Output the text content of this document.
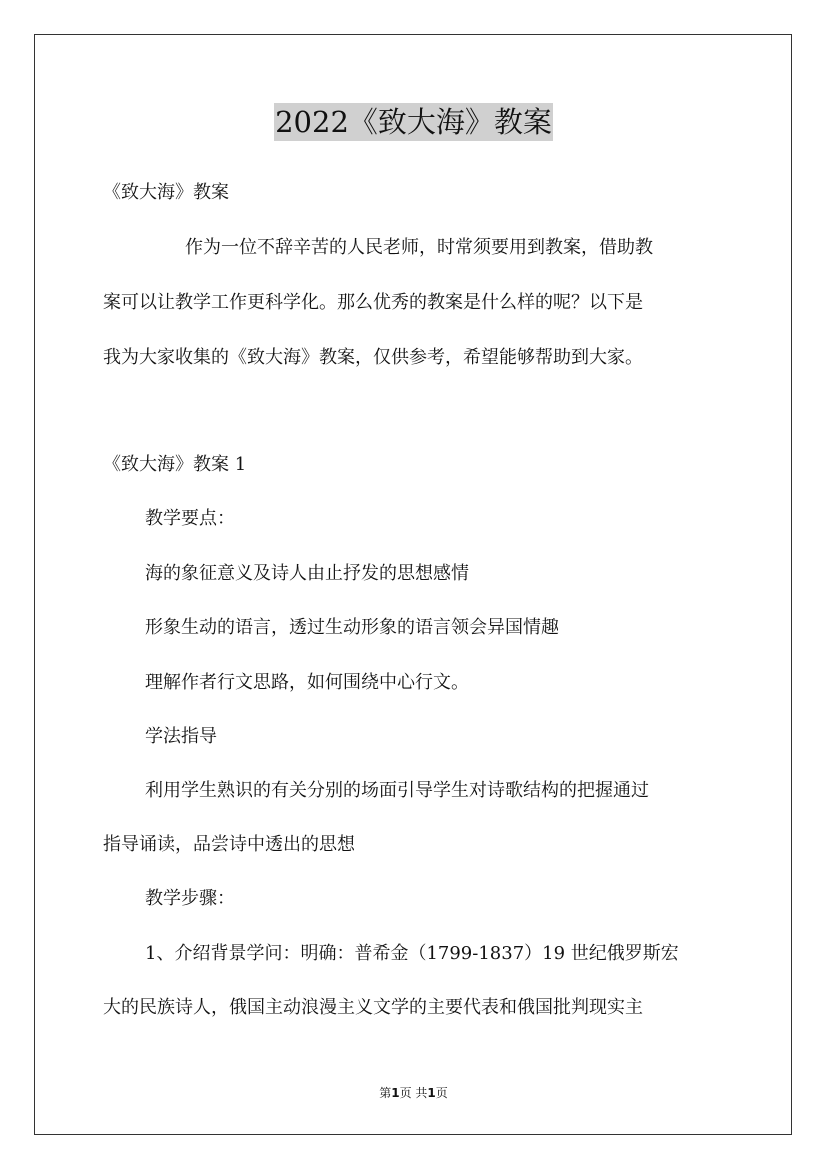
2022《致大海》教案
《致大海》教案
作为一位不辞辛苦的人民老师，时常须要用到教案，借助教
案可以让教学工作更科学化。那么优秀的教案是什么样的呢？以下是
我为大家收集的《致大海》教案，仅供参考，希望能够帮助到大家。
《致大海》教案 1
教学要点：
海的象征意义及诗人由止抒发的思想感情
形象生动的语言，透过生动形象的语言领会异国情趣
理解作者行文思路，如何围绕中心行文。
学法指导
利用学生熟识的有关分别的场面引导学生对诗歌结构的把握通过
指导诵读，品尝诗中透出的思想
教学步骤：
1、介绍背景学问：明确：普希金（1799-1837）19 世纪俄罗斯宏
大的民族诗人，俄国主动浪漫主义文学的主要代表和俄国批判现实主
第1页 共1页
